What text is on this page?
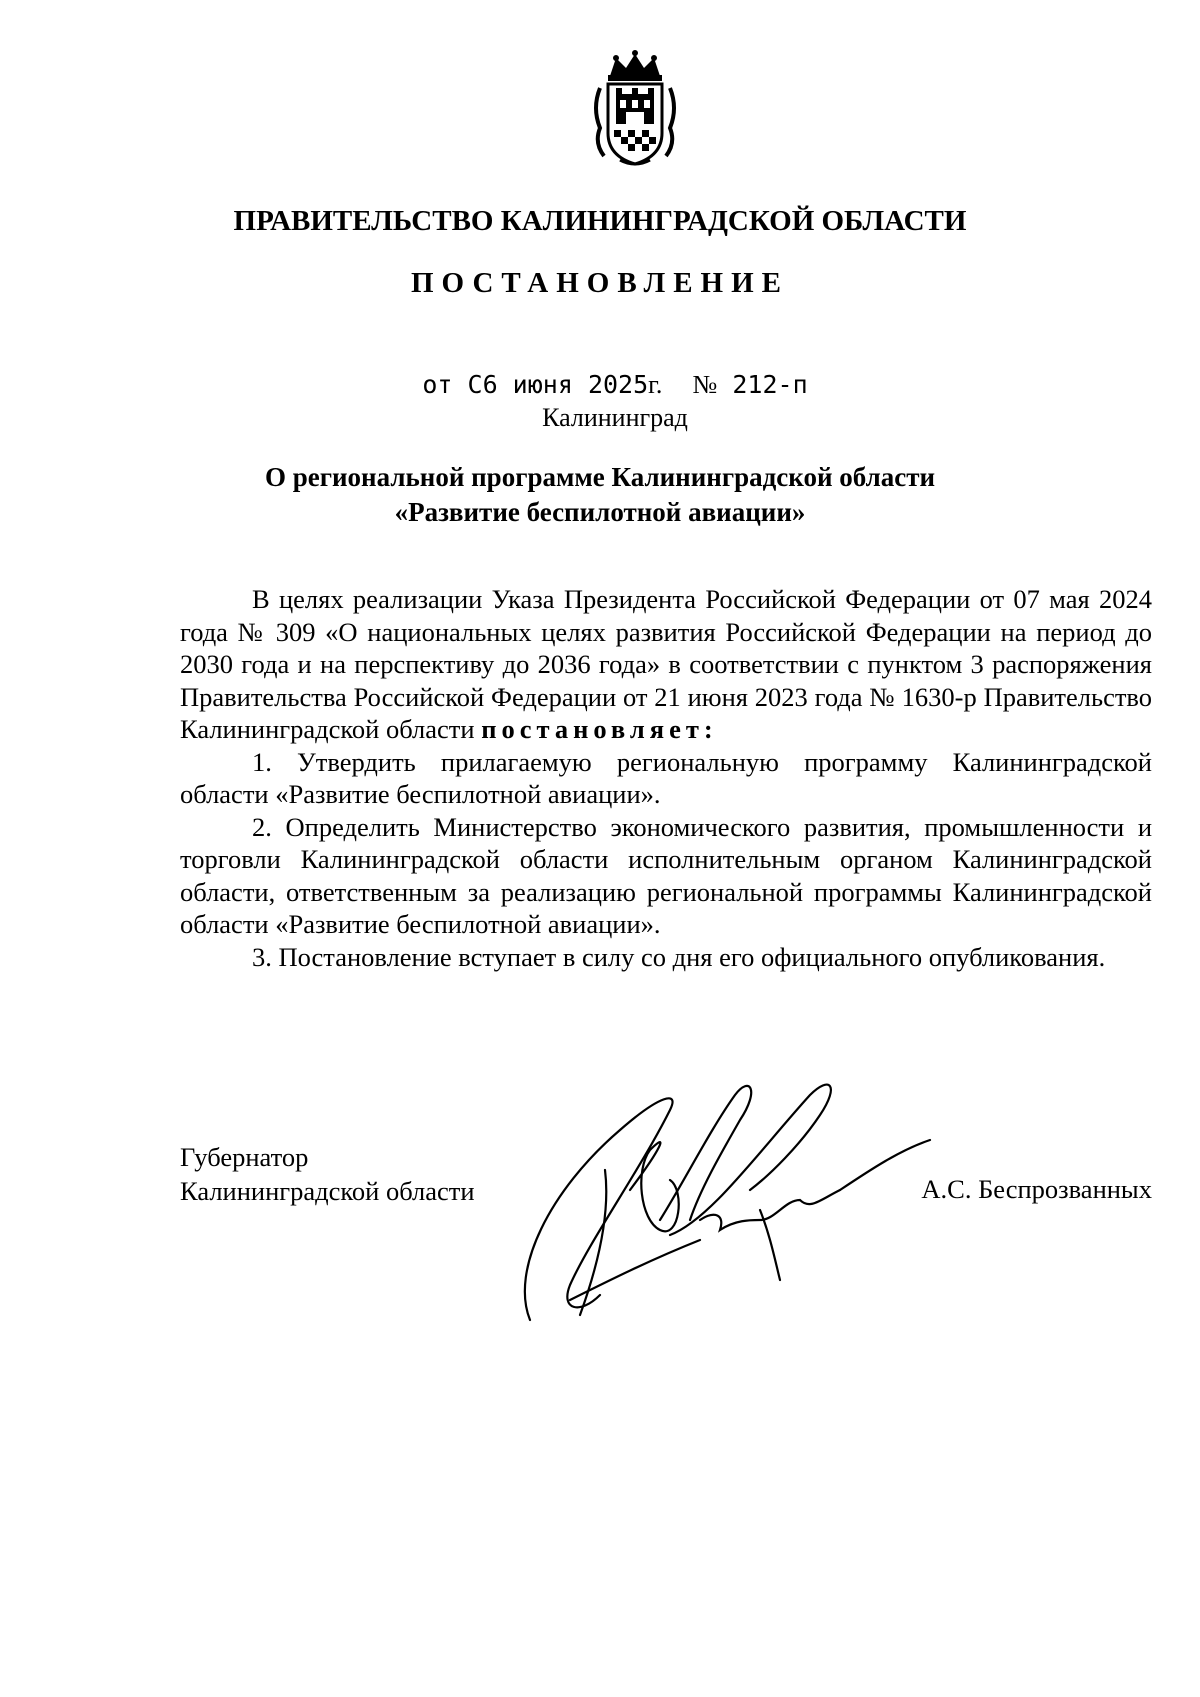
ПРАВИТЕЛЬСТВО КАЛИНИНГРАДСКОЙ ОБЛАСТИ
ПОСТАНОВЛЕНИЕ
от С6 июня 2025г. № 212-п
Калининград
О региональной программе Калининградской области
«Развитие беспилотной авиации»

В целях реализации Указа Президента Российской Федерации от 07 мая 2024 года № 309 «О национальных целях развития Российской Федерации на период до 2030 года и на перспективу до 2036 года» в соответствии с пунктом 3 распоряжения Правительства Российской Федерации от 21 июня 2023 года № 1630-р Правительство Калининградской области постановляет:

1. Утвердить прилагаемую региональную программу Калининградской области «Развитие беспилотной авиации».

2. Определить Министерство экономического развития, промышленности и торговли Калининградской области исполнительным органом Калининградской области, ответственным за реализацию региональной программы Калининградской области «Развитие беспилотной авиации».

3. Постановление вступает в силу со дня его официального опубликования.

Губернатор
Калининградской области	А.С. Беспрозванных
